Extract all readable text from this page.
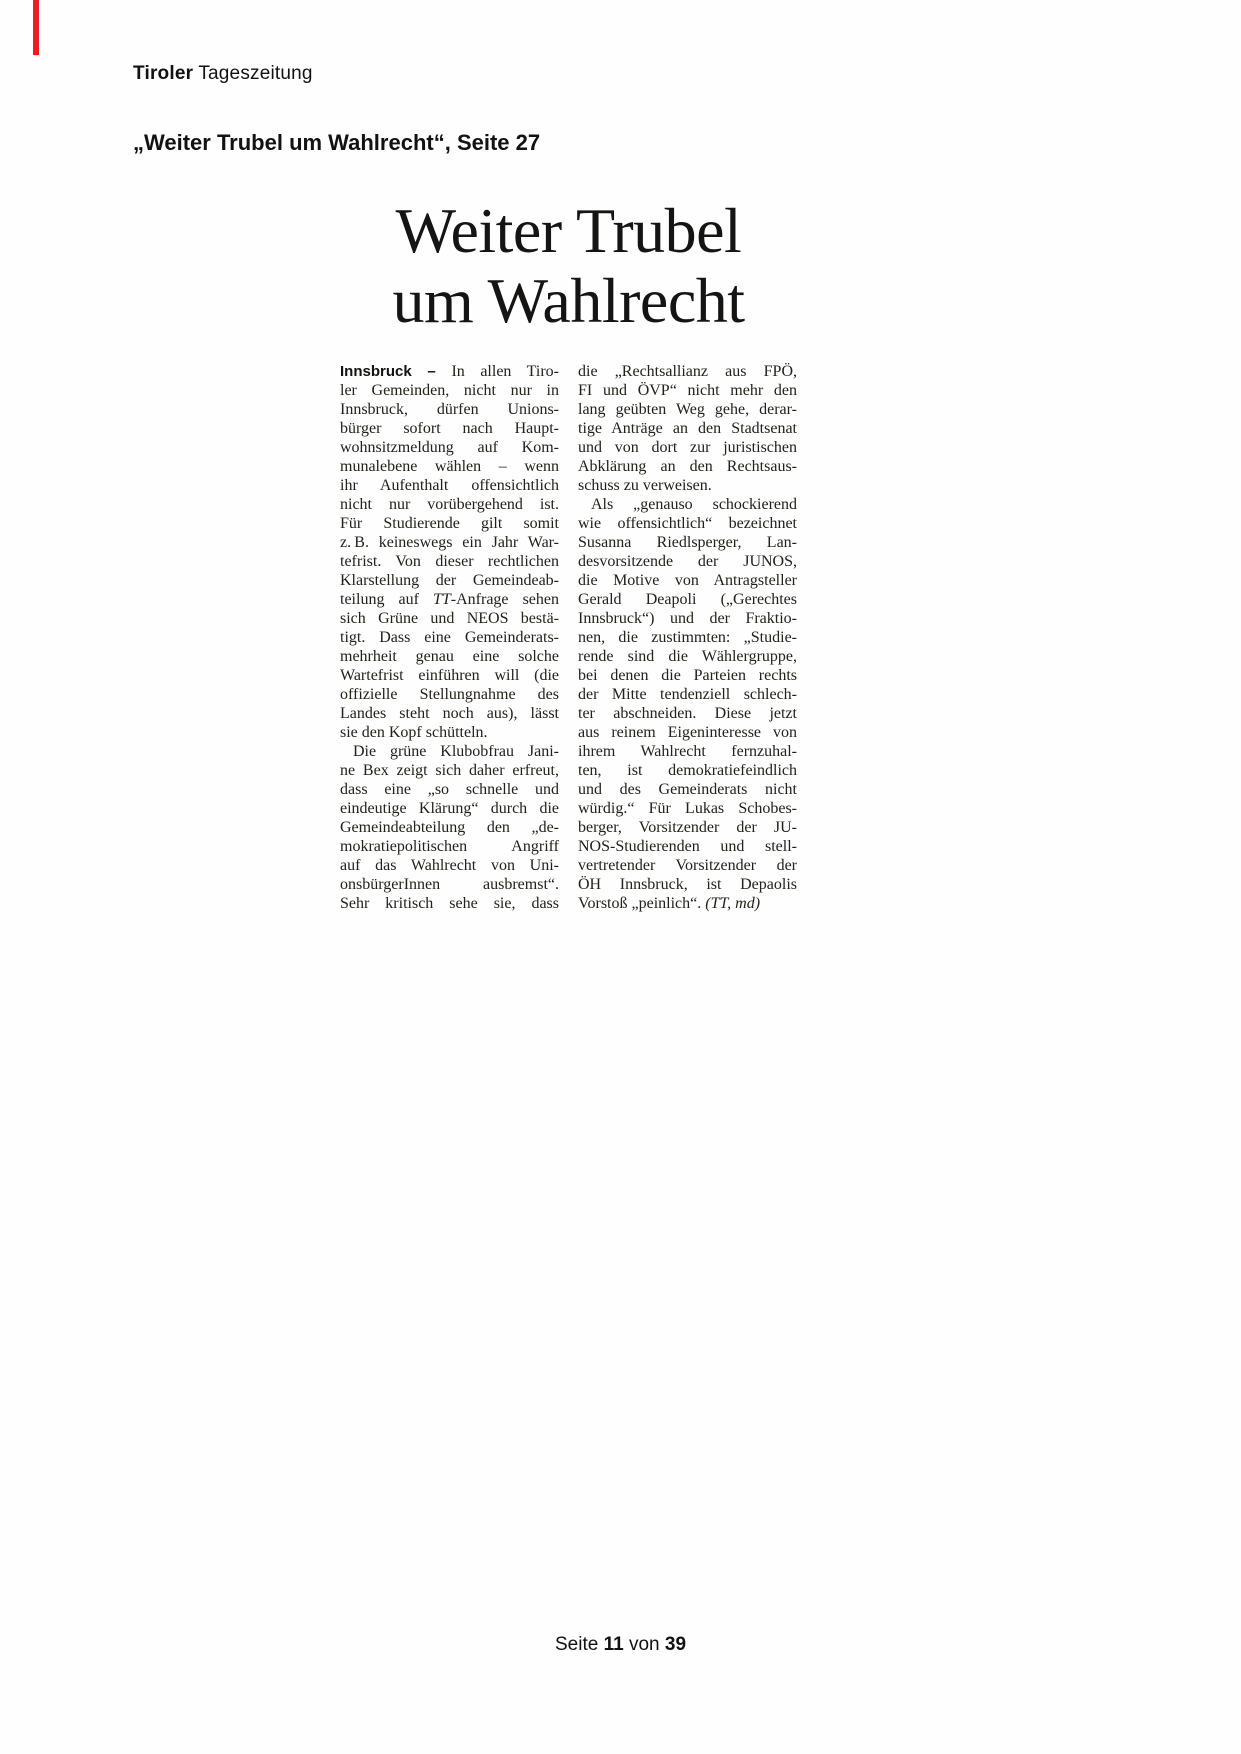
Tiroler Tageszeitung
„Weiter Trubel um Wahlrecht“, Seite 27
Weiter Trubel
um Wahlrecht
Innsbruck – In allen Tiro-
ler Gemeinden, nicht nur in
Innsbruck, dürfen Unions-
bürger sofort nach Haupt-
wohnsitzmeldung auf Kom-
munalebene wählen – wenn
ihr Aufenthalt offensichtlich
nicht nur vorübergehend ist.
Für Studierende gilt somit
z. B. keineswegs ein Jahr War-
tefrist. Von dieser rechtlichen
Klarstellung der Gemeindeab-
teilung auf TT-Anfrage sehen
sich Grüne und NEOS bestä-
tigt. Dass eine Gemeinderats-
mehrheit genau eine solche
Wartefrist einführen will (die
offizielle Stellungnahme des
Landes steht noch aus), lässt
sie den Kopf schütteln.
Die grüne Klubobfrau Jani-
ne Bex zeigt sich daher erfreut,
dass eine „so schnelle und
eindeutige Klärung“ durch die
Gemeindeabteilung den „de-
mokratiepolitischen Angriff
auf das Wahlrecht von Uni-
onsbürgerInnen ausbremst“.
Sehr kritisch sehe sie, dass
die „Rechtsallianz aus FPÖ,
FI und ÖVP“ nicht mehr den
lang geübten Weg gehe, derar-
tige Anträge an den Stadtsenat
und von dort zur juristischen
Abklärung an den Rechtsaus-
schuss zu verweisen.
Als „genauso schockierend
wie offensichtlich“ bezeichnet
Susanna Riedlsperger, Lan-
desvorsitzende der JUNOS,
die Motive von Antragsteller
Gerald Deapoli („Gerechtes
Innsbruck“) und der Fraktio-
nen, die zustimmten: „Studie-
rende sind die Wählergruppe,
bei denen die Parteien rechts
der Mitte tendenziell schlech-
ter abschneiden. Diese jetzt
aus reinem Eigeninteresse von
ihrem Wahlrecht fernzuhal-
ten, ist demokratiefeindlich
und des Gemeinderats nicht
würdig.“ Für Lukas Schobes-
berger, Vorsitzender der JU-
NOS-Studierenden und stell-
vertretender Vorsitzender der
ÖH Innsbruck, ist Depaolis
Vorstoß „peinlich“. (TT, md)
Seite 11 von 39
